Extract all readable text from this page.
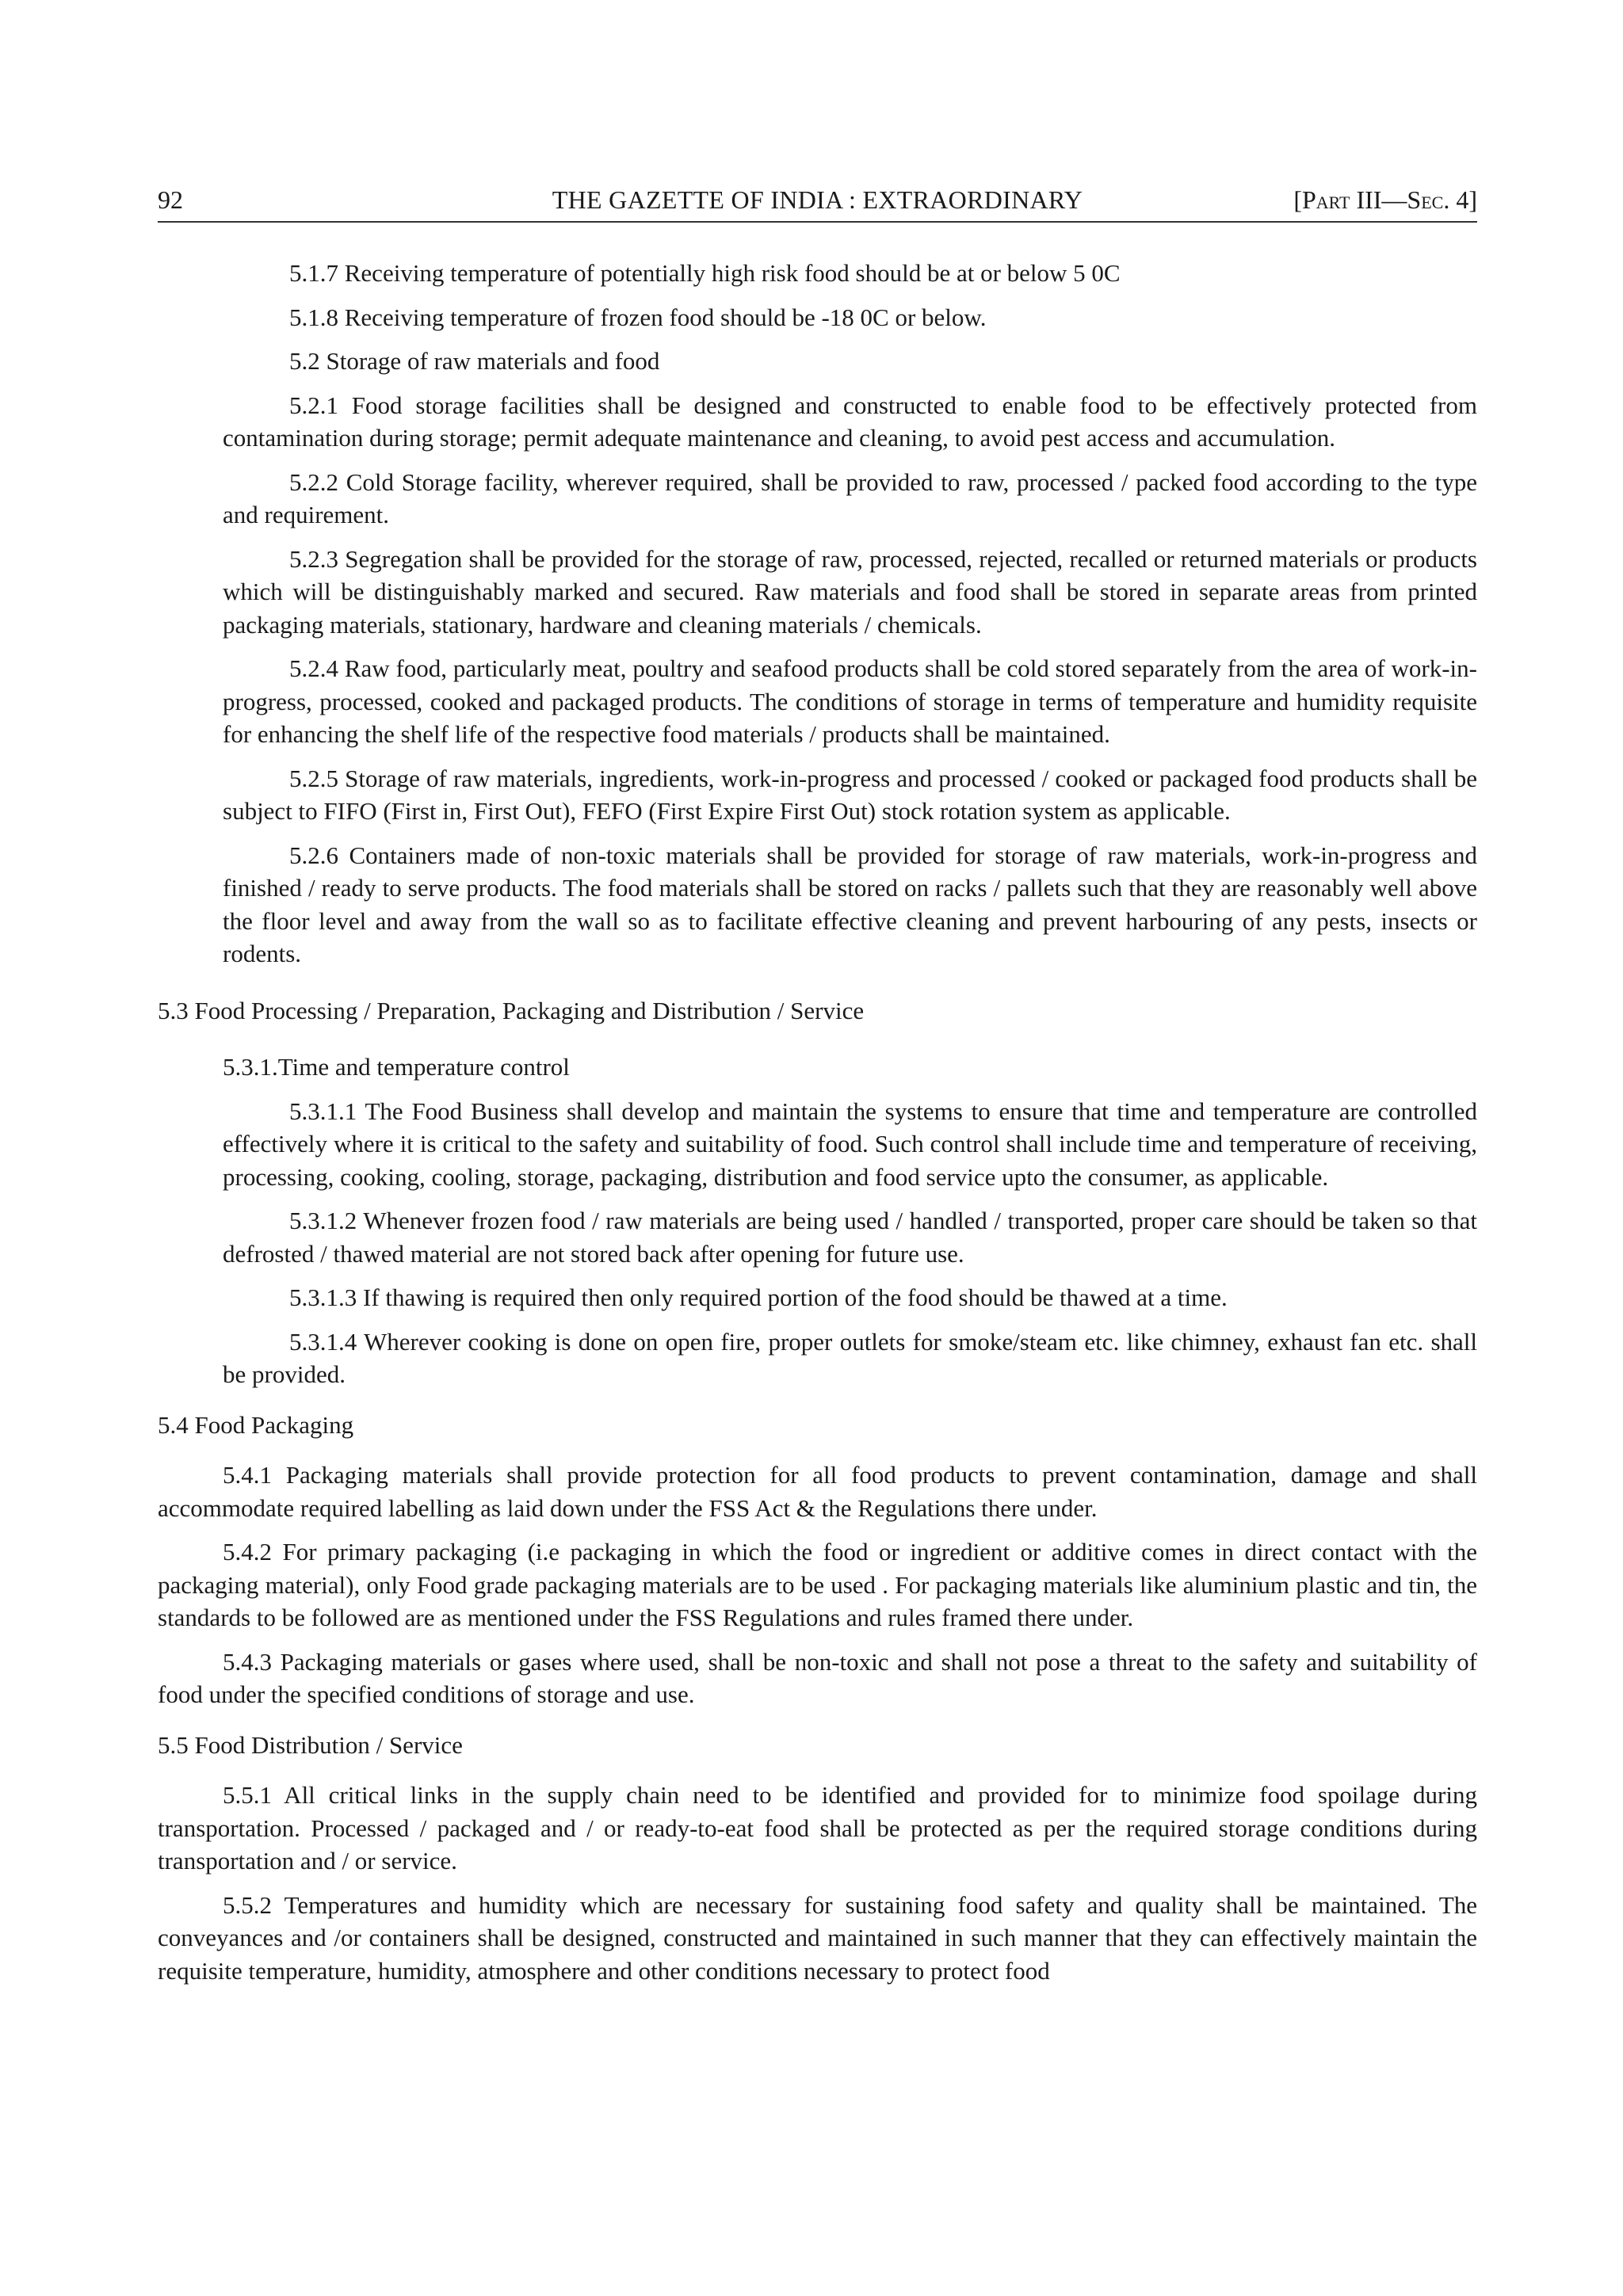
92	THE GAZETTE OF INDIA : EXTRAORDINARY	[Part III—Sec. 4]

5.1.7 Receiving temperature of potentially high risk food should be at or below 5 0C

5.1.8 Receiving temperature of frozen food should be -18 0C or below.

5.2 Storage of raw materials and food

5.2.1 Food storage facilities shall be designed and constructed to enable food to be effectively protected from contamination during storage; permit adequate maintenance and cleaning, to avoid pest access and accumulation.

5.2.2 Cold Storage facility, wherever required, shall be provided to raw, processed / packed food according to the type and requirement.

5.2.3 Segregation shall be provided for the storage of raw, processed, rejected, recalled or returned materials or products which will be distinguishably marked and secured. Raw materials and food shall be stored in separate areas from printed packaging materials, stationary, hardware and cleaning materials / chemicals.

5.2.4 Raw food, particularly meat, poultry and seafood products shall be cold stored separately from the area of work-in-progress, processed, cooked and packaged products. The conditions of storage in terms of temperature and humidity requisite for enhancing the shelf life of the respective food materials / products shall be maintained.

5.2.5 Storage of raw materials, ingredients, work-in-progress and processed / cooked or packaged food products shall be subject to FIFO (First in, First Out), FEFO (First Expire First Out) stock rotation system as applicable.

5.2.6 Containers made of non-toxic materials shall be provided for storage of raw materials, work-in-progress and finished / ready to serve products. The food materials shall be stored on racks / pallets such that they are reasonably well above the floor level and away from the wall so as to facilitate effective cleaning and prevent harbouring of any pests, insects or rodents.

5.3 Food Processing / Preparation, Packaging and Distribution / Service

5.3.1.Time and temperature control

5.3.1.1 The Food Business shall develop and maintain the systems to ensure that time and temperature are controlled effectively where it is critical to the safety and suitability of food. Such control shall include time and temperature of receiving, processing, cooking, cooling, storage, packaging, distribution and food service upto the consumer, as applicable.

5.3.1.2 Whenever frozen food / raw materials are being used / handled / transported, proper care should be taken so that defrosted / thawed material are not stored back after opening for future use.

5.3.1.3 If thawing is required then only required portion of the food should be thawed at a time.

5.3.1.4 Wherever cooking is done on open fire, proper outlets for smoke/steam etc. like chimney, exhaust fan etc. shall be provided.

5.4 Food Packaging

5.4.1 Packaging materials shall provide protection for all food products to prevent contamination, damage and shall accommodate required labelling as laid down under the FSS Act & the Regulations there under.

5.4.2 For primary packaging (i.e packaging in which the food or ingredient or additive comes in direct contact with the packaging material), only Food grade packaging materials are to be used . For packaging materials like aluminium plastic and tin, the standards to be followed are as mentioned under the FSS Regulations and rules framed there under.

5.4.3 Packaging materials or gases where used, shall be non-toxic and shall not pose a threat to the safety and suitability of food under the specified conditions of storage and use.

5.5 Food Distribution / Service

5.5.1 All critical links in the supply chain need to be identified and provided for to minimize food spoilage during transportation. Processed / packaged and / or ready-to-eat food shall be protected as per the required storage conditions during transportation and / or service.

5.5.2 Temperatures and humidity which are necessary for sustaining food safety and quality shall be maintained. The conveyances and /or containers shall be designed, constructed and maintained in such manner that they can effectively maintain the requisite temperature, humidity, atmosphere and other conditions necessary to protect food
